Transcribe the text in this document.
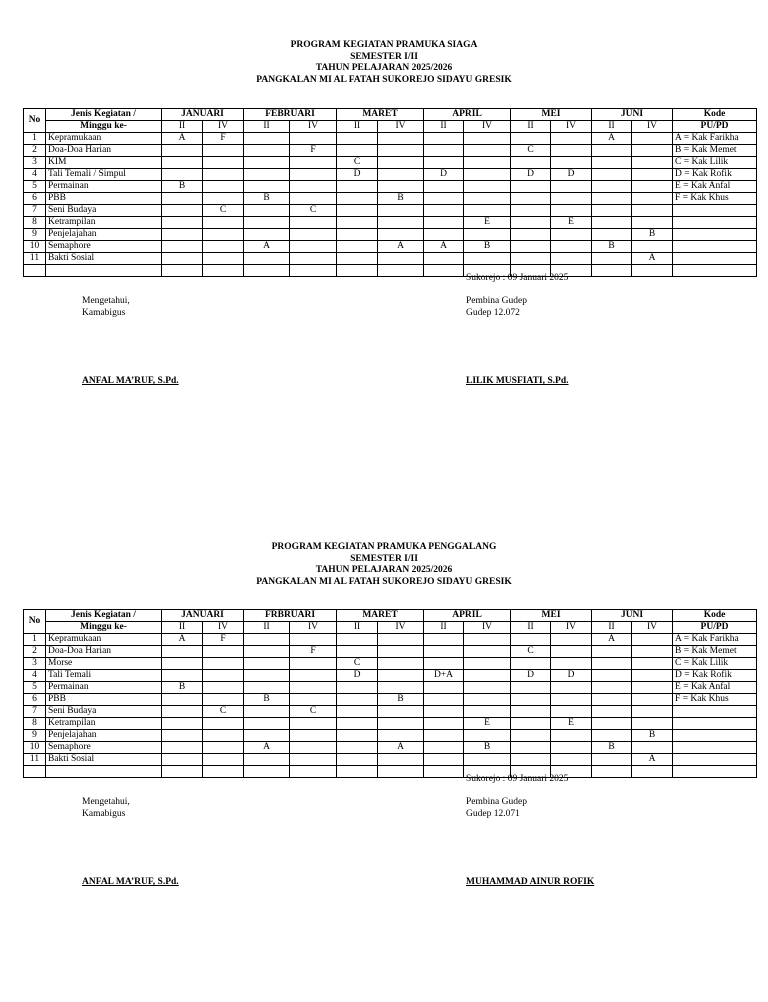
PROGRAM KEGIATAN PRAMUKA SIAGA
SEMESTER I/II
TAHUN PELAJARAN 2025/2026
PANGKALAN MI AL FATAH SUKOREJO SIDAYU GRESIK
No	Jenis Kegiatan /	JANUARI		FEBRUARI		MARET		APRIL		MEI		JUNI		Kode
	Minggu ke-	II	IV	II	IV	II	IV	II	IV	II	IV	II	IV	PU/PD
1	Kepramukaan	A	F									A		A = Kak Farikha
2	Doa-Doa Harian				F					C				B = Kak Memet
3	KIM					C								C = Kak Lilik
4	Tali Temali / Simpul					D		D		D	D			D = Kak Rofik
5	Permainan	B												E = Kak Anfal
6	PBB			B			B							F = Kak Khus
7	Seni Budaya		C		C									
8	Ketrampilan								E		E			
9	Penjelajahan												B	
10	Semaphore			A			A	A	B			B		
11	Bakti Sosial												A	

Sukorejo : 09 Januari 2025
Mengetahui,
Kamabigus
Pembina Gudep
Gudep 12.072
ANFAL MA’RUF, S.Pd.	LILIK MUSFIATI, S.Pd.
PROGRAM KEGIATAN PRAMUKA PENGGALANG
SEMESTER I/II
TAHUN PELAJARAN 2025/2026
PANGKALAN MI AL FATAH SUKOREJO SIDAYU GRESIK
No	Jenis Kegiatan /	JANUARI		FRBRUARI		MARET		APRIL		MEI		JUNI		Kode
	Minggu ke-	II	IV	II	IV	II	IV	II	IV	II	IV	II	IV	PU/PD
1	Kepramukaan	A	F									A		A = Kak Farikha
2	Doa-Doa Harian				F					C				B = Kak Memet
3	Morse					C								C = Kak Lilik
4	Tali Temali					D		D+A		D	D			D = Kak Rofik
5	Permainan	B												E = Kak Anfal
6	PBB			B			B							F = Kak Khus
7	Seni Budaya		C		C									
8	Ketrampilan								E		E			
9	Penjelajahan												B	
10	Semaphore			A			A		B			B		
11	Bakti Sosial												A	

Sukorejo : 09 Januari 2025
Mengetahui,
Kamabigus
Pembina Gudep
Gudep 12.071
ANFAL MA’RUF, S.Pd.	MUHAMMAD AINUR ROFIK
